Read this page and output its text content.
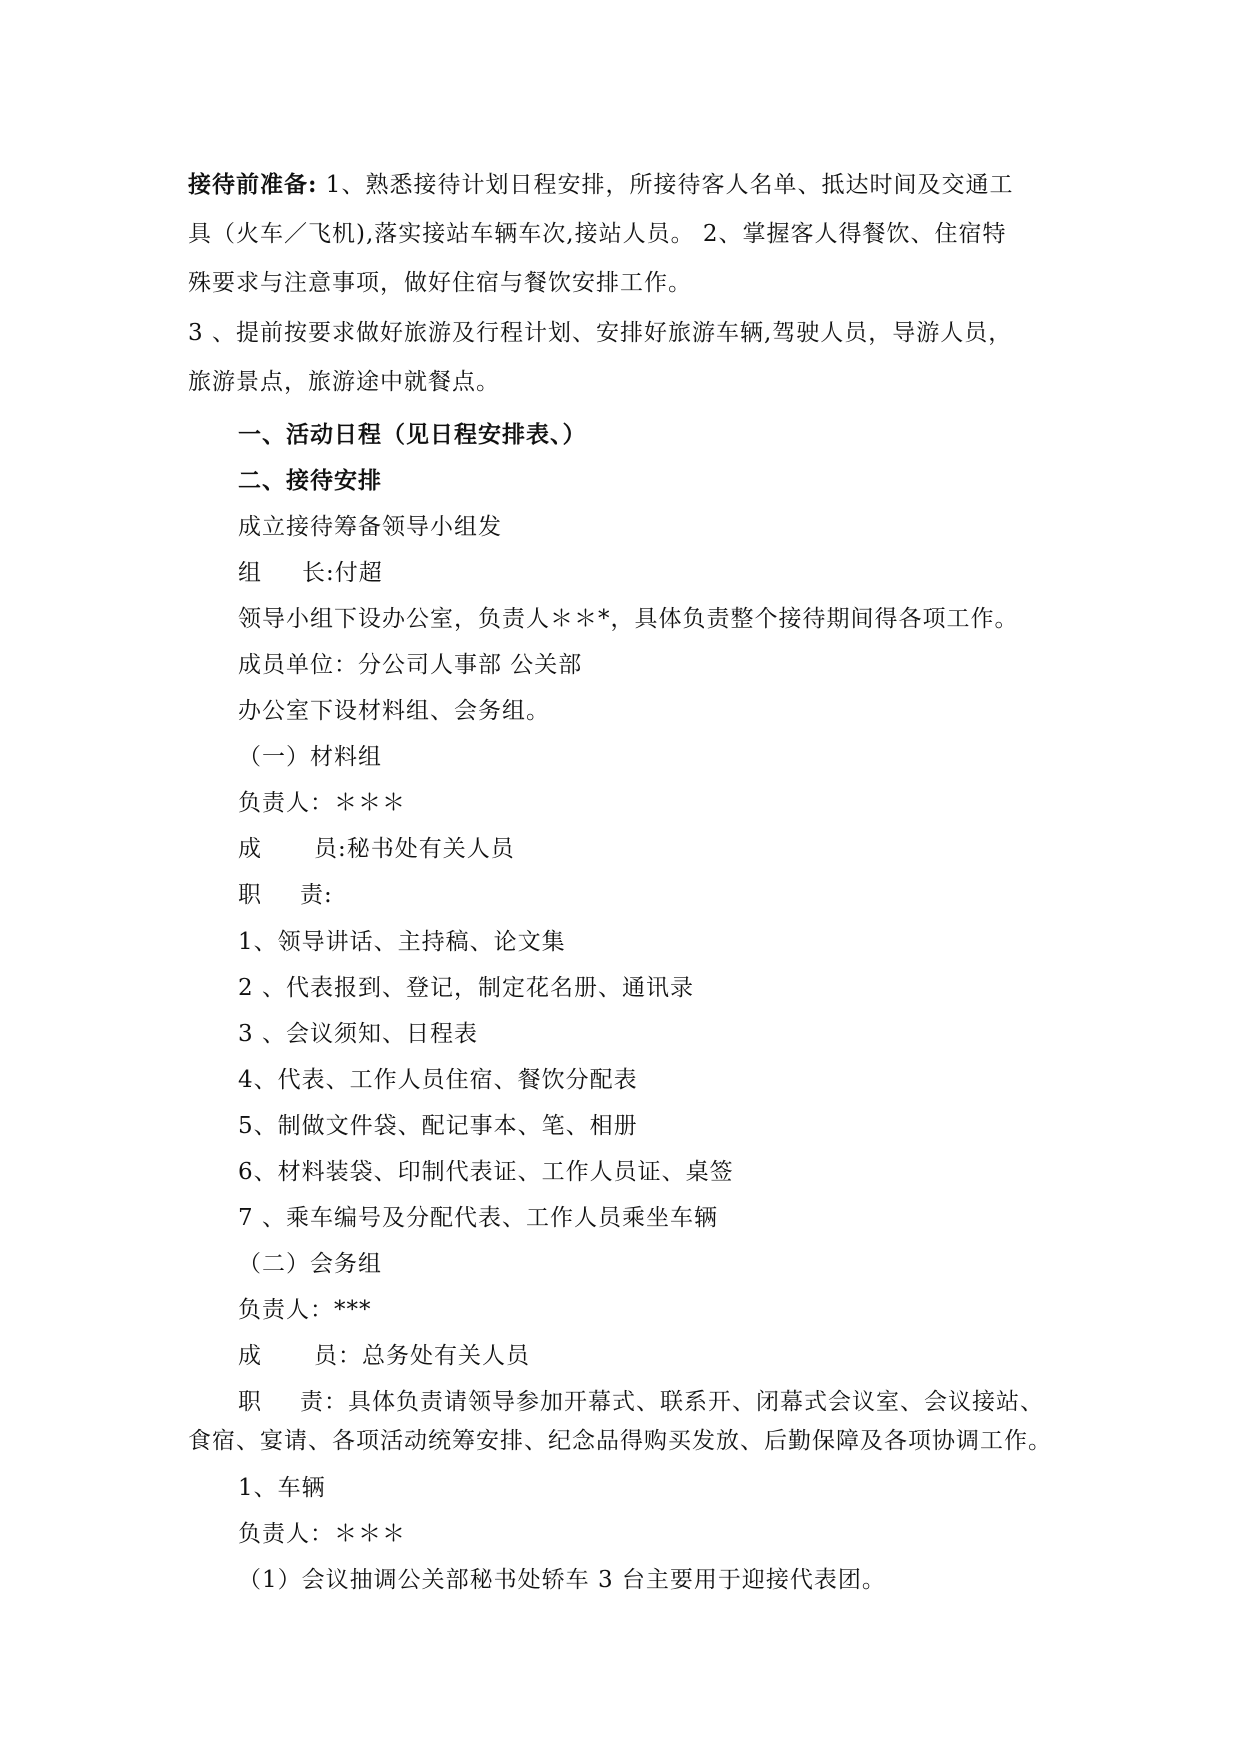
接待前准备: 1、熟悉接待计划日程安排，所接待客人名单、抵达时间及交通工
具（火车／飞机),落实接站车辆车次,接站人员。 2、掌握客人得餐饮、住宿特
殊要求与注意事项，做好住宿与餐饮安排工作。
3 、提前按要求做好旅游及行程计划、安排好旅游车辆,驾驶人员，导游人员，
旅游景点，旅游途中就餐点。
一、活动日程（见日程安排表、）
二、接待安排
成立接待筹备领导小组发
组 长:付超
领导小组下设办公室，负责人＊＊*，具体负责整个接待期间得各项工作。
成员单位：分公司人事部 公关部
办公室下设材料组、会务组。
（一）材料组
负责人：＊＊＊
成 员:秘书处有关人员
职 责:
1、领导讲话、主持稿、论文集
2 、代表报到、登记，制定花名册、通讯录
3 、会议须知、日程表
4、代表、工作人员住宿、餐饮分配表
5、制做文件袋、配记事本、笔、相册
6、材料装袋、印制代表证、工作人员证、桌签
7 、乘车编号及分配代表、工作人员乘坐车辆
（二）会务组
负责人：***
成 员：总务处有关人员
职 责：具体负责请领导参加开幕式、联系开、闭幕式会议室、会议接站、
食宿、宴请、各项活动统筹安排、纪念品得购买发放、后勤保障及各项协调工作。
1、车辆
负责人：＊＊＊
（1）会议抽调公关部秘书处轿车 3 台主要用于迎接代表团。
